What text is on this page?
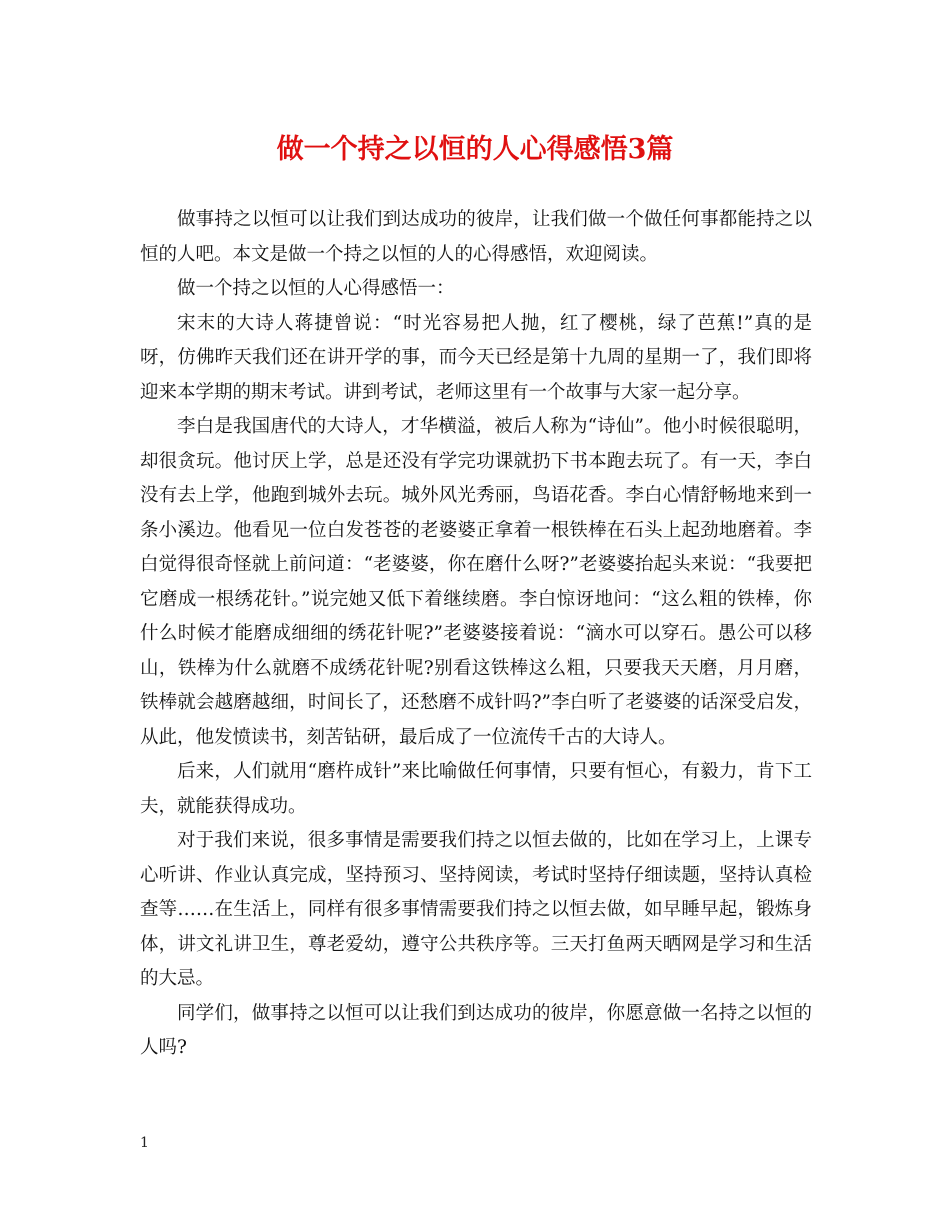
做一个持之以恒的人心得感悟3篇

做事持之以恒可以让我们到达成功的彼岸，让我们做一个做任何事都能持之以恒的人吧。本文是做一个持之以恒的人的心得感悟，欢迎阅读。

做一个持之以恒的人心得感悟一：

宋末的大诗人蒋捷曾说：“时光容易把人抛，红了樱桃，绿了芭蕉!”真的是呀，仿佛昨天我们还在讲开学的事，而今天已经是第十九周的星期一了，我们即将迎来本学期的期末考试。讲到考试，老师这里有一个故事与大家一起分享。

李白是我国唐代的大诗人，才华横溢，被后人称为“诗仙”。他小时候很聪明，却很贪玩。他讨厌上学，总是还没有学完功课就扔下书本跑去玩了。有一天，李白没有去上学，他跑到城外去玩。城外风光秀丽，鸟语花香。李白心情舒畅地来到一条小溪边。他看见一位白发苍苍的老婆婆正拿着一根铁棒在石头上起劲地磨着。李白觉得很奇怪就上前问道：“老婆婆，你在磨什么呀?”老婆婆抬起头来说：“我要把它磨成一根绣花针。”说完她又低下着继续磨。李白惊讶地问：“这么粗的铁棒，你什么时候才能磨成细细的绣花针呢?”老婆婆接着说：“滴水可以穿石。愚公可以移山，铁棒为什么就磨不成绣花针呢?别看这铁棒这么粗，只要我天天磨，月月磨，铁棒就会越磨越细，时间长了，还愁磨不成针吗?”李白听了老婆婆的话深受启发，从此，他发愤读书，刻苦钻研，最后成了一位流传千古的大诗人。

后来，人们就用“磨杵成针”来比喻做任何事情，只要有恒心，有毅力，肯下工夫，就能获得成功。

对于我们来说，很多事情是需要我们持之以恒去做的，比如在学习上，上课专心听讲、作业认真完成，坚持预习、坚持阅读，考试时坚持仔细读题，坚持认真检查等……在生活上，同样有很多事情需要我们持之以恒去做，如早睡早起，锻炼身体，讲文礼讲卫生，尊老爱幼，遵守公共秩序等。三天打鱼两天晒网是学习和生活的大忌。

同学们，做事持之以恒可以让我们到达成功的彼岸，你愿意做一名持之以恒的人吗?

1
